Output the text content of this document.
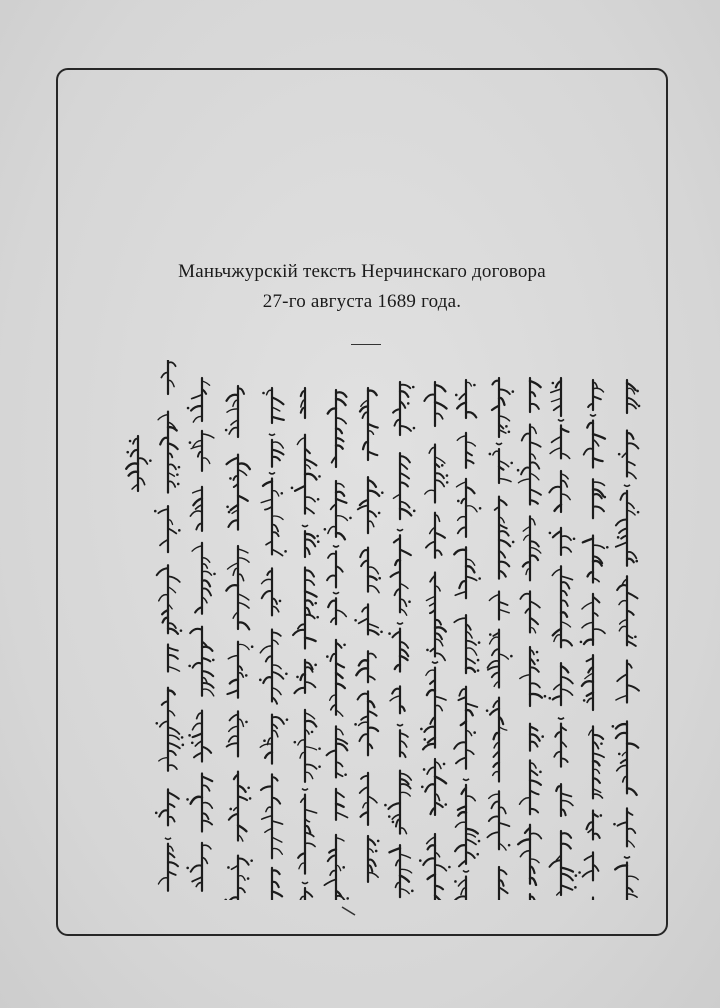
Маньчжурскiй текстъ Нерчинскаго договора
27-го августа 1689 года.
